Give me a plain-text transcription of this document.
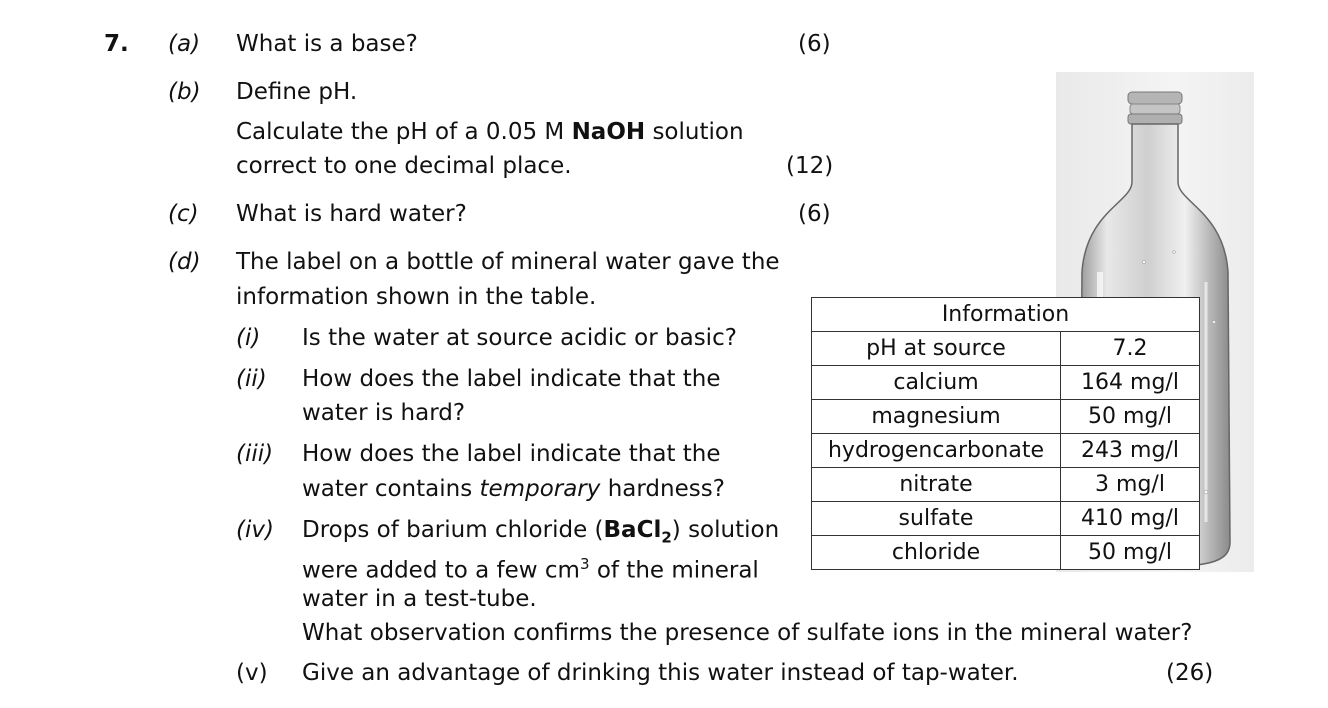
7. (a) What is a base?	(6)
(b) Define pH.
Calculate the pH of a 0.05 M NaOH solution
correct to one decimal place.	(12)
(c) What is hard water?	(6)
(d) The label on a bottle of mineral water gave the
information shown in the table.
(i) Is the water at source acidic or basic?
(ii) How does the label indicate that the
water is hard?
(iii) How does the label indicate that the
water contains temporary hardness?
(iv) Drops of barium chloride (BaCl$_2$) solution
were added to a few $cm^3$ of the mineral
water in a test-tube.
What observation confirms the presence of sulfate ions in the mineral water?
(v) Give an advantage of drinking this water instead of tap-water.	(26)
Information	
pH at source	7.2
calcium	164 mg/l
magnesium	50 mg/l
hydrogencarbonate	243 mg/l
nitrate	3 mg/l
sulfate	410 mg/l
chloride	50 mg/l
